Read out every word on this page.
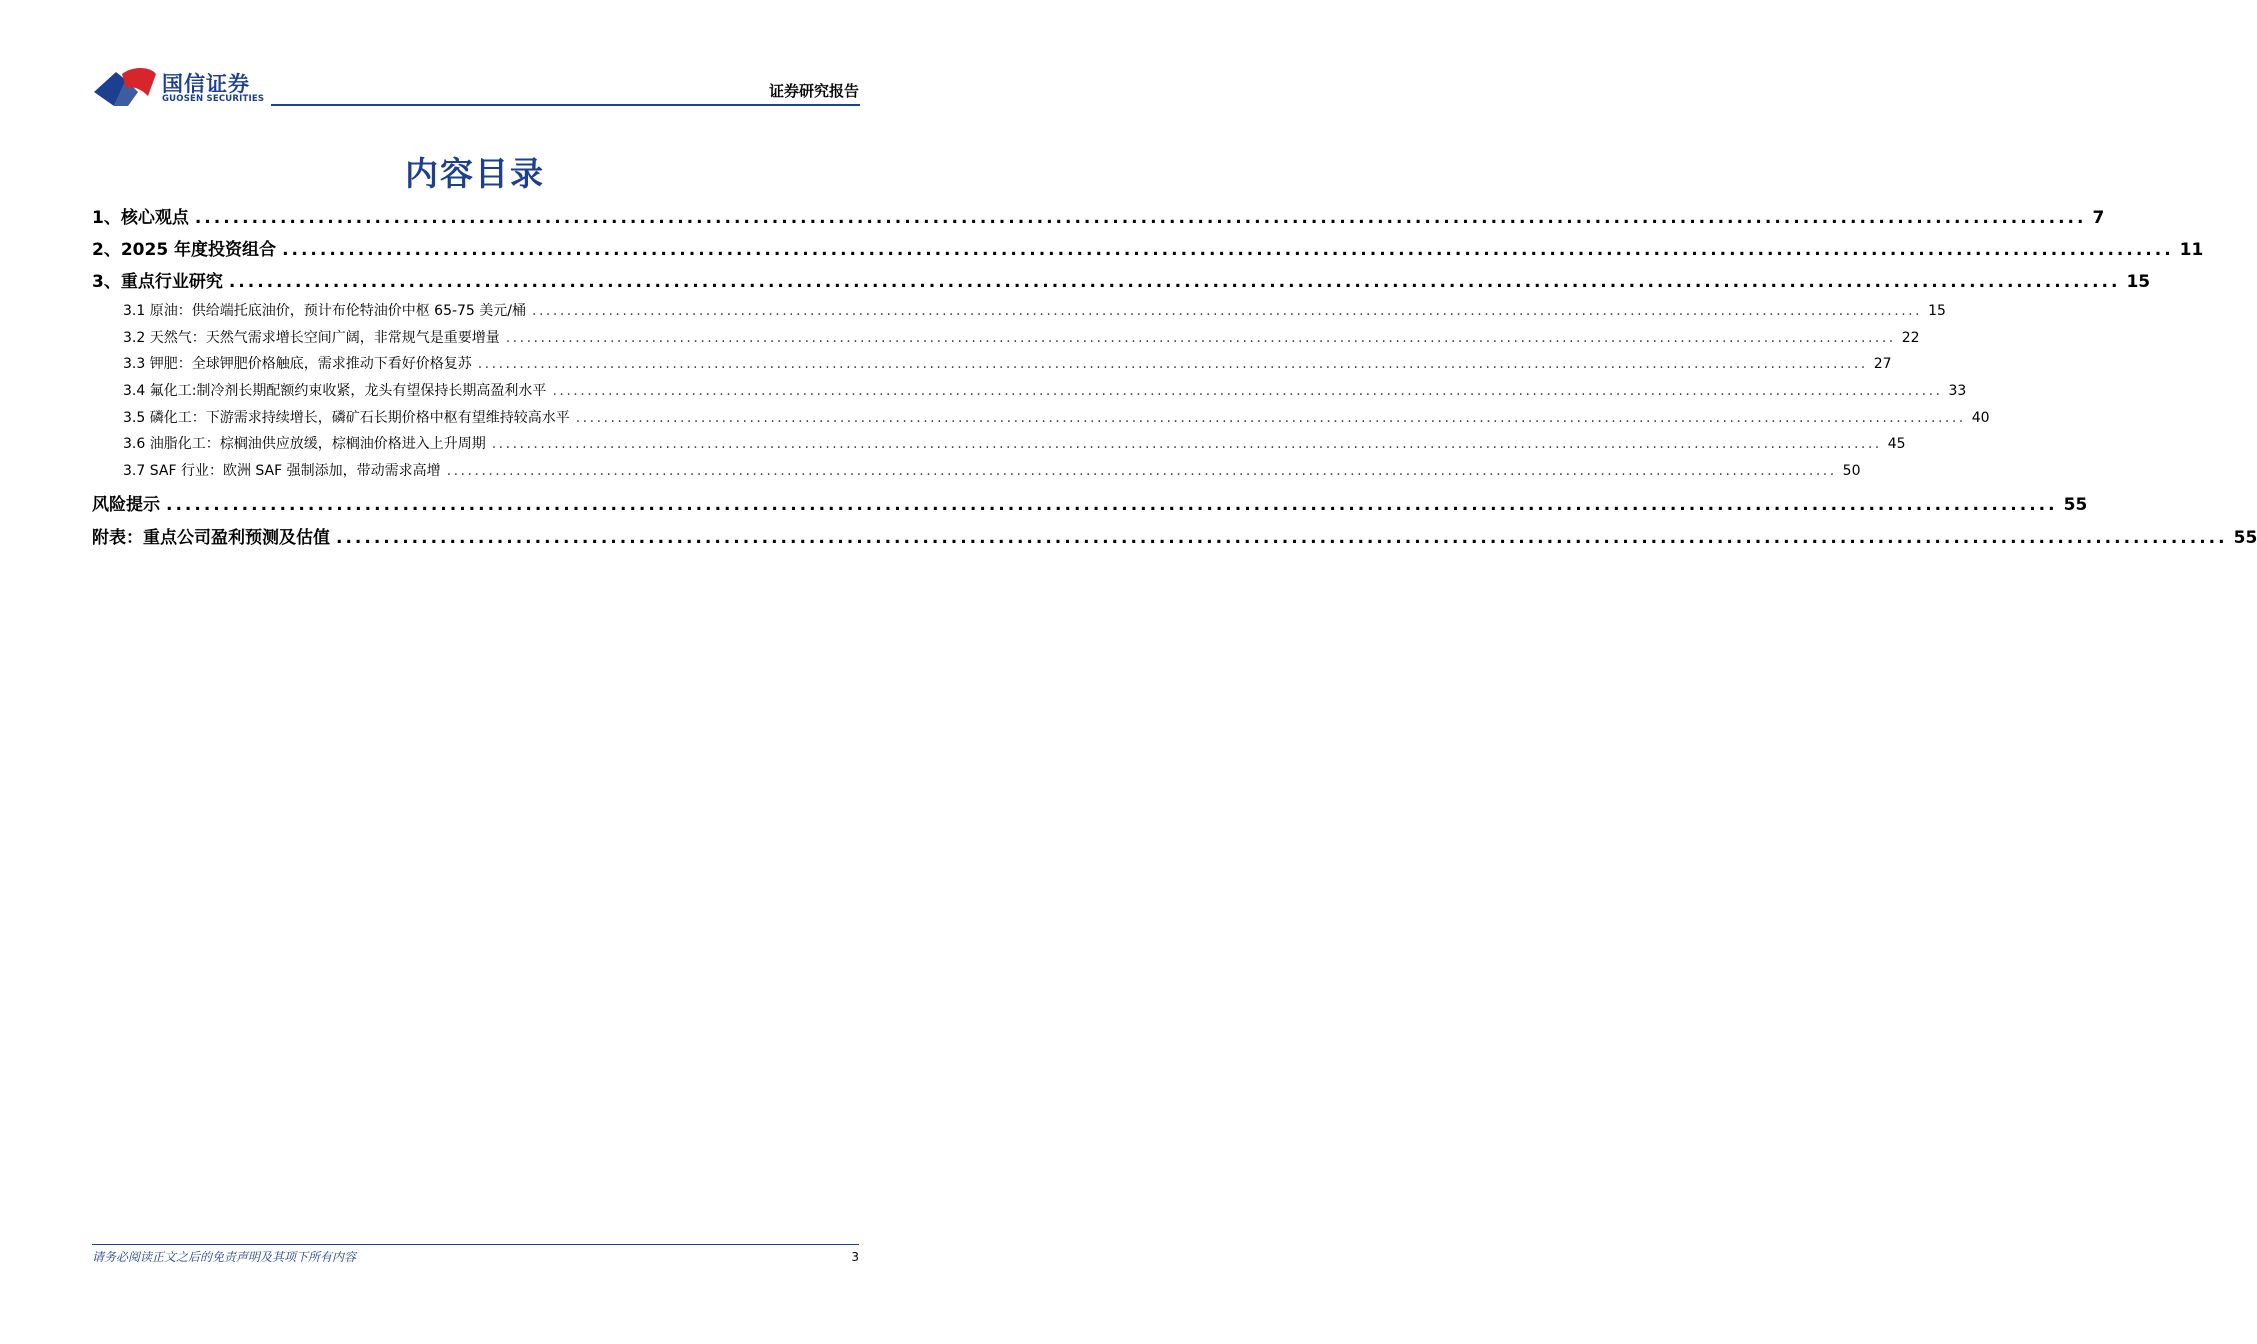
国信证券
GUOSEN SECURITIES	证券研究报告
内容目录
1、核心观点 ........................................................................................................................................................................................................ 7
2、2025 年度投资组合 ........................................................................................................................................................................................................ 11
3、重点行业研究 ........................................................................................................................................................................................................ 15
3.1 原油：供给端托底油价，预计布伦特油价中枢 65-75 美元/桶 ........................................................................................................................................................................................................ 15
3.2 天然气：天然气需求增长空间广阔，非常规气是重要增量 ........................................................................................................................................................................................................ 22
3.3 钾肥：全球钾肥价格触底，需求推动下看好价格复苏 ........................................................................................................................................................................................................ 27
3.4 氟化工:制冷剂长期配额约束收紧，龙头有望保持长期高盈利水平 ........................................................................................................................................................................................................ 33
3.5 磷化工：下游需求持续增长，磷矿石长期价格中枢有望维持较高水平 ........................................................................................................................................................................................................ 40
3.6 油脂化工：棕榈油供应放缓，棕榈油价格进入上升周期 ........................................................................................................................................................................................................ 45
3.7 SAF 行业：欧洲 SAF 强制添加，带动需求高增 ........................................................................................................................................................................................................ 50
风险提示 ........................................................................................................................................................................................................ 55
附表：重点公司盈利预测及估值 ........................................................................................................................................................................................................ 55
请务必阅读正文之后的免责声明及其项下所有内容	3
